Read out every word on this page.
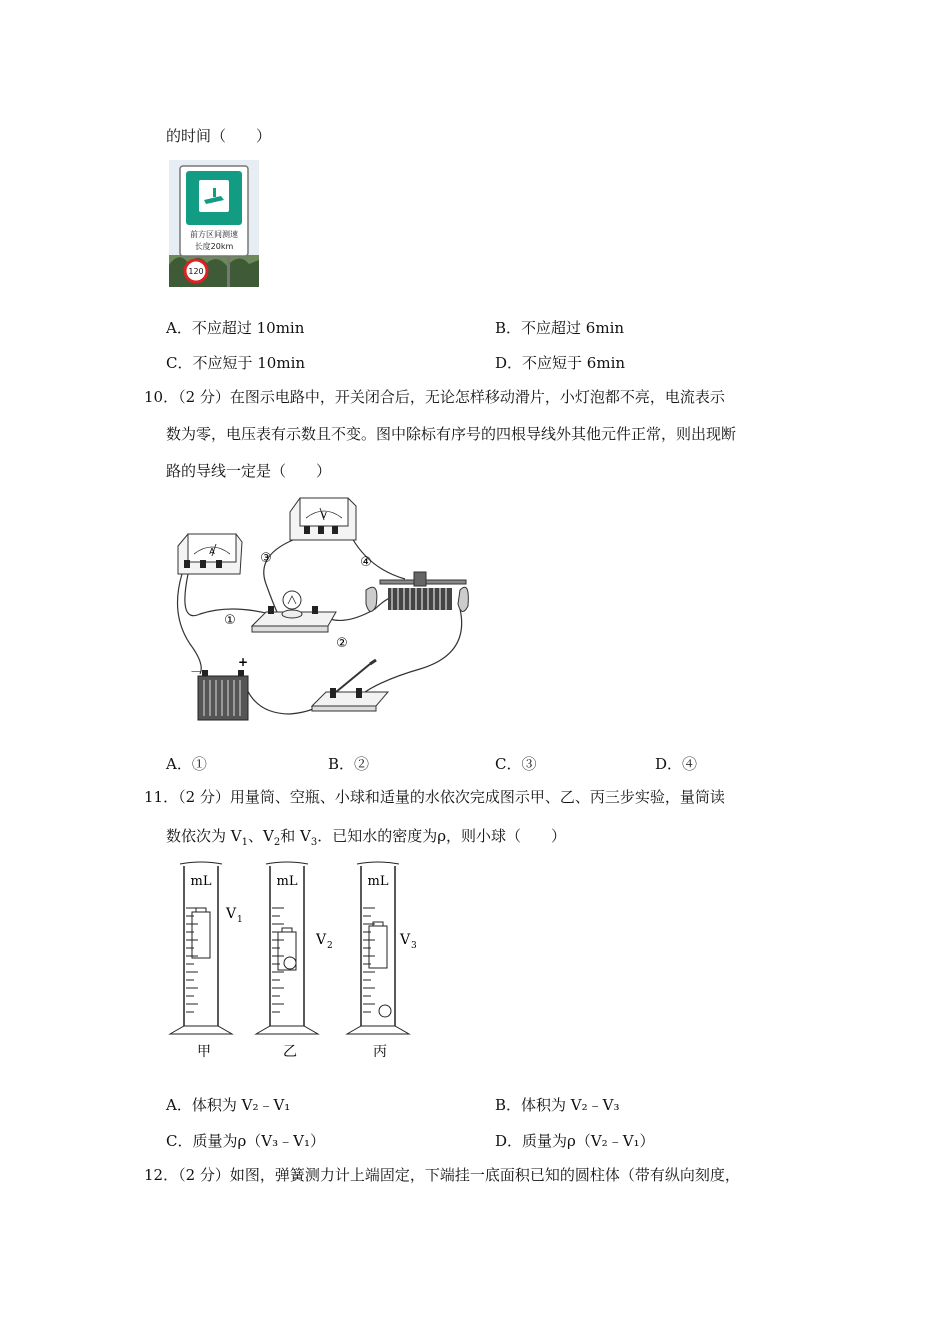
的时间（　　）
前方区间测速
长度20km
120
A．不应超过 10min	B．不应超过 6min
C．不应短于 10min	D．不应短于 6min
10．（2 分）在图示电路中，开关闭合后，无论怎样移动滑片，小灯泡都不亮，电流表示
数为零，电压表有示数且不变。图中除标有序号的四根导线外其他元件正常，则出现断
路的导线一定是（　　）
A
V
－
+
①
②
③	④
A．①	B．②	C．③	D．④
11．（2 分）用量筒、空瓶、小球和适量的水依次完成图示甲、乙、丙三步实验，量筒读
数依次为 $V_1$、$V_2$和 $V_3$．已知水的密度为ρ，则小球（　　）
mL
V 1
甲
mL
V 2
乙
mL
V 3
丙
A．体积为 V₂﹣V₁	B．体积为 V₂﹣V₃
C．质量为ρ（V₃﹣V₁）	D．质量为ρ（V₂﹣V₁）
12．（2 分）如图，弹簧测力计上端固定，下端挂一底面积已知的圆柱体（带有纵向刻度，
